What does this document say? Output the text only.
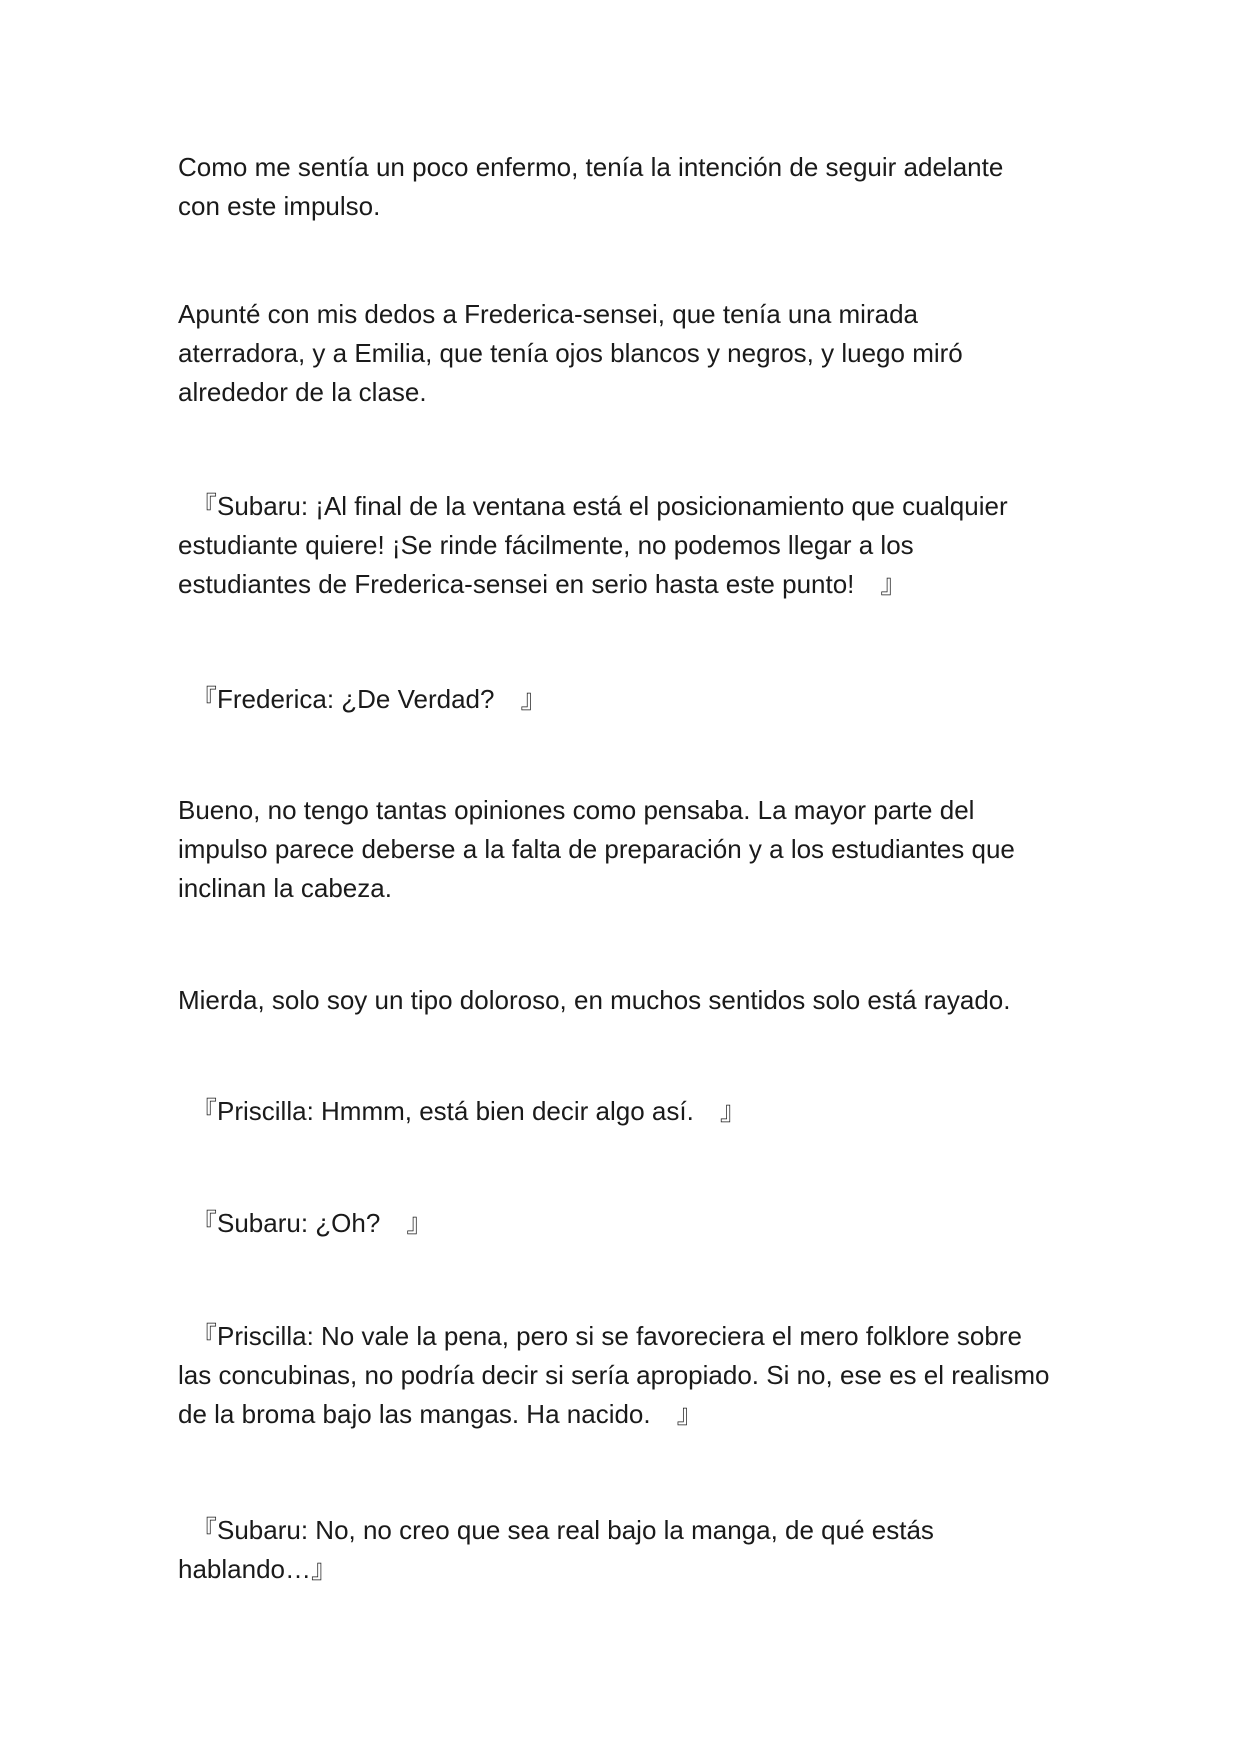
Como me sentía un poco enfermo, tenía la intención de seguir adelante
con este impulso.

Apunté con mis dedos a Frederica-sensei, que tenía una mirada
aterradora, y a Emilia, que tenía ojos blancos y negros, y luego miró
alrededor de la clase.

　『Subaru: ¡Al final de la ventana está el posicionamiento que cualquier
estudiante quiere! ¡Se rinde fácilmente, no podemos llegar a los
estudiantes de Frederica-sensei en serio hasta este punto!　』

　『Frederica: ¿De Verdad?　』

Bueno, no tengo tantas opiniones como pensaba. La mayor parte del
impulso parece deberse a la falta de preparación y a los estudiantes que
inclinan la cabeza.

Mierda, solo soy un tipo doloroso, en muchos sentidos solo está rayado.

　『Priscilla: Hmmm, está bien decir algo así.　』

　『Subaru: ¿Oh?　』

　『Priscilla: No vale la pena, pero si se favoreciera el mero folklore sobre
las concubinas, no podría decir si sería apropiado. Si no, ese es el realismo
de la broma bajo las mangas. Ha nacido.　』

　『Subaru: No, no creo que sea real bajo la manga, de qué estás
hablando…』
